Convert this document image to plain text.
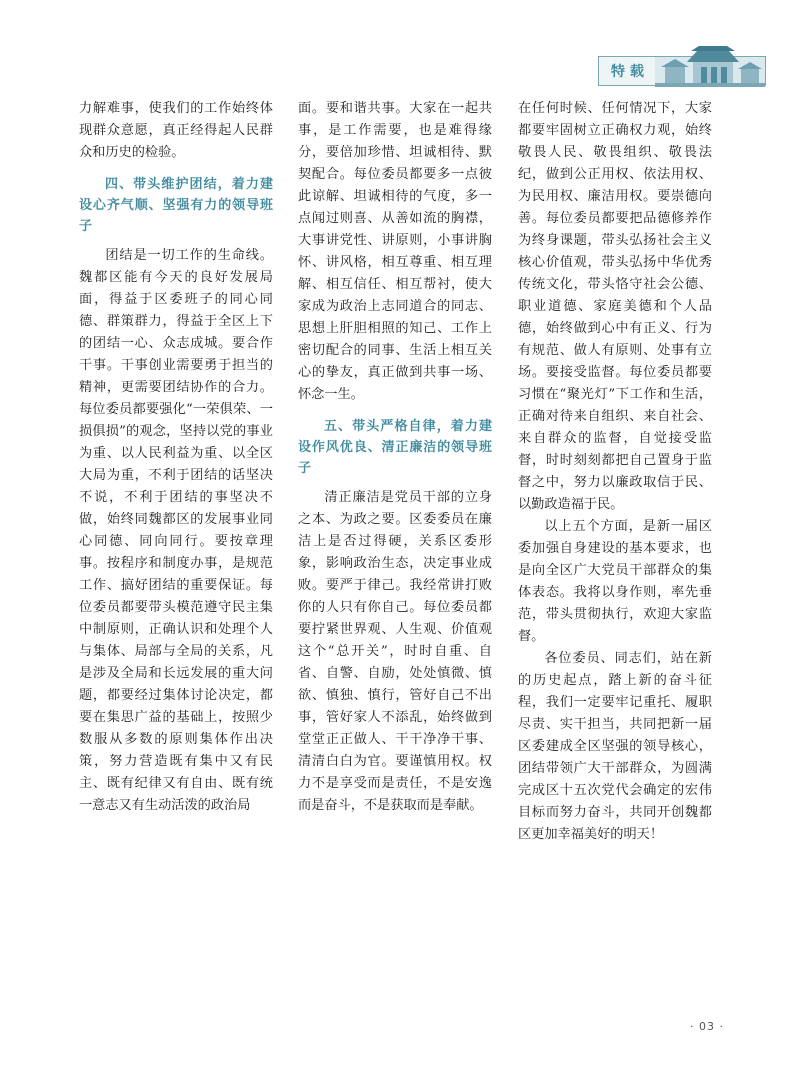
特载

力解难事，使我们的工作始终体现群众意愿，真正经得起人民群众和历史的检验。

四、带头维护团结，着力建设心齐气顺、坚强有力的领导班子

团结是一切工作的生命线。魏都区能有今天的良好发展局面，得益于区委班子的同心同德、群策群力，得益于全区上下的团结一心、众志成城。要合作干事。干事创业需要勇于担当的精神，更需要团结协作的合力。每位委员都要强化“一荣俱荣、一损俱损”的观念，坚持以党的事业为重、以人民利益为重、以全区大局为重，不利于团结的话坚决不说，不利于团结的事坚决不做，始终同魏都区的发展事业同心同德、同向同行。要按章理事。按程序和制度办事，是规范工作、搞好团结的重要保证。每位委员都要带头模范遵守民主集中制原则，正确认识和处理个人与集体、局部与全局的关系，凡是涉及全局和长远发展的重大问题，都要经过集体讨论决定，都要在集思广益的基础上，按照少数服从多数的原则集体作出决策，努力营造既有集中又有民主、既有纪律又有自由、既有统一意志又有生动活泼的政治局

面。要和谐共事。大家在一起共事，是工作需要，也是难得缘分，要倍加珍惜、坦诚相待、默契配合。每位委员都要多一点彼此谅解、坦诚相待的气度，多一点闻过则喜、从善如流的胸襟，大事讲党性、讲原则，小事讲胸怀、讲风格，相互尊重、相互理解、相互信任、相互帮衬，使大家成为政治上志同道合的同志、思想上肝胆相照的知己、工作上密切配合的同事、生活上相互关心的挚友，真正做到共事一场、怀念一生。

五、带头严格自律，着力建设作风优良、清正廉洁的领导班子

清正廉洁是党员干部的立身之本、为政之要。区委委员在廉洁上是否过得硬，关系区委形象，影响政治生态，决定事业成败。要严于律己。我经常讲打败你的人只有你自己。每位委员都要拧紧世界观、人生观、价值观这个“总开关”，时时自重、自省、自警、自励，处处慎微、慎欲、慎独、慎行，管好自己不出事，管好家人不添乱，始终做到堂堂正正做人、干干净净干事、清清白白为官。要谨慎用权。权力不是享受而是责任，不是安逸而是奋斗，不是获取而是奉献。

在任何时候、任何情况下，大家都要牢固树立正确权力观，始终敬畏人民、敬畏组织、敬畏法纪，做到公正用权、依法用权、为民用权、廉洁用权。要崇德向善。每位委员都要把品德修养作为终身课题，带头弘扬社会主义核心价值观，带头弘扬中华优秀传统文化，带头恪守社会公德、职业道德、家庭美德和个人品德，始终做到心中有正义、行为有规范、做人有原则、处事有立场。要接受监督。每位委员都要习惯在“聚光灯”下工作和生活，正确对待来自组织、来自社会、来自群众的监督，自觉接受监督，时时刻刻都把自己置身于监督之中，努力以廉政取信于民、以勤政造福于民。

以上五个方面，是新一届区委加强自身建设的基本要求，也是向全区广大党员干部群众的集体表态。我将以身作则，率先垂范，带头贯彻执行，欢迎大家监督。

各位委员、同志们，站在新的历史起点，踏上新的奋斗征程，我们一定要牢记重托、履职尽责、实干担当，共同把新一届区委建成全区坚强的领导核心，团结带领广大干部群众，为圆满完成区十五次党代会确定的宏伟目标而努力奋斗，共同开创魏都区更加幸福美好的明天！

· 03 ·
